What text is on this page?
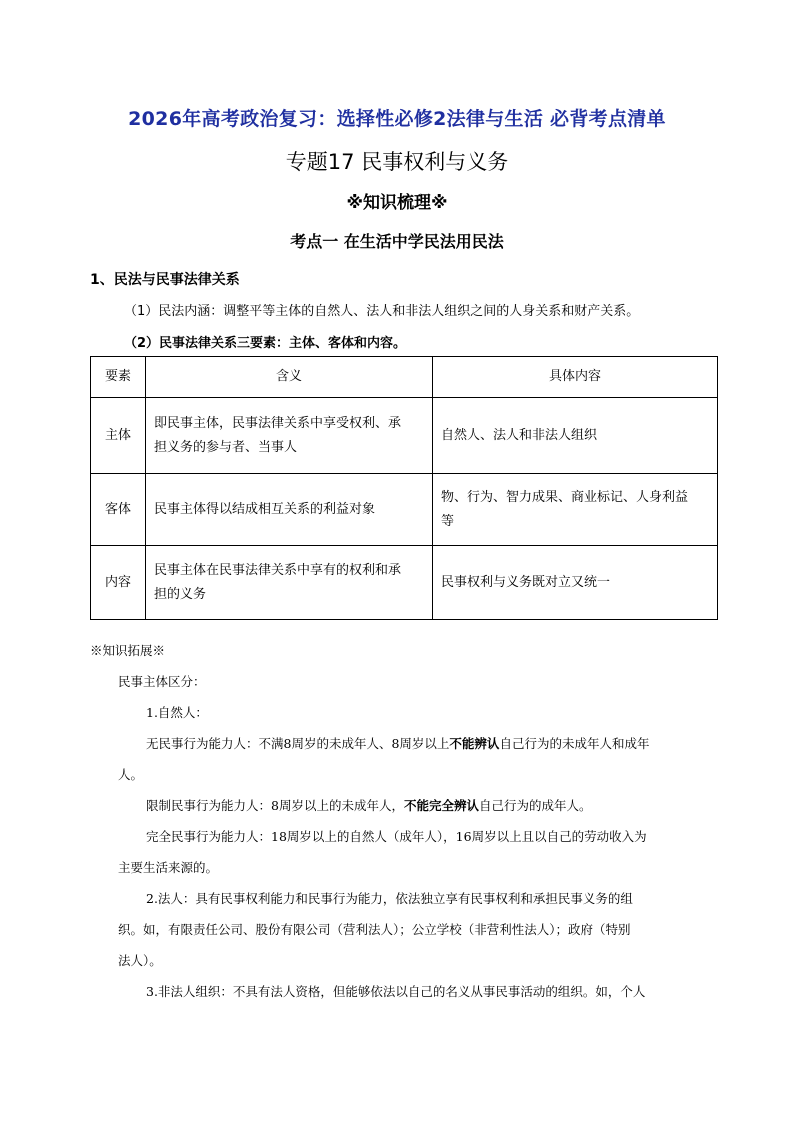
2026年高考政治复习：选择性必修2法律与生活 必背考点清单
专题17 民事权利与义务
※知识梳理※
考点一 在生活中学民法用民法
1、民法与民事法律关系
（1）民法内涵：调整平等主体的自然人、法人和非法人组织之间的人身关系和财产关系。
（2）民事法律关系三要素：主体、客体和内容。
要素	含义	具体内容
主体	即民事主体，民事法律关系中享受权利、承
担义务的参与者、当事人	自然人、法人和非法人组织
客体	民事主体得以结成相互关系的利益对象	物、行为、智力成果、商业标记、人身利益
等
内容	民事主体在民事法律关系中享有的权利和承
担的义务	民事权利与义务既对立又统一
※知识拓展※
民事主体区分：
1.自然人：
无民事行为能力人：不满8周岁的未成年人、8周岁以上不能辨认自己行为的未成年人和成年
人。
限制民事行为能力人：8周岁以上的未成年人，不能完全辨认自己行为的成年人。
完全民事行为能力人：18周岁以上的自然人（成年人），16周岁以上且以自己的劳动收入为
主要生活来源的。
2.法人：具有民事权利能力和民事行为能力，依法独立享有民事权利和承担民事义务的组
织。如，有限责任公司、股份有限公司（营利法人）；公立学校（非营利性法人）；政府（特别
法人）。
3.非法人组织：不具有法人资格，但能够依法以自己的名义从事民事活动的组织。如，个人
